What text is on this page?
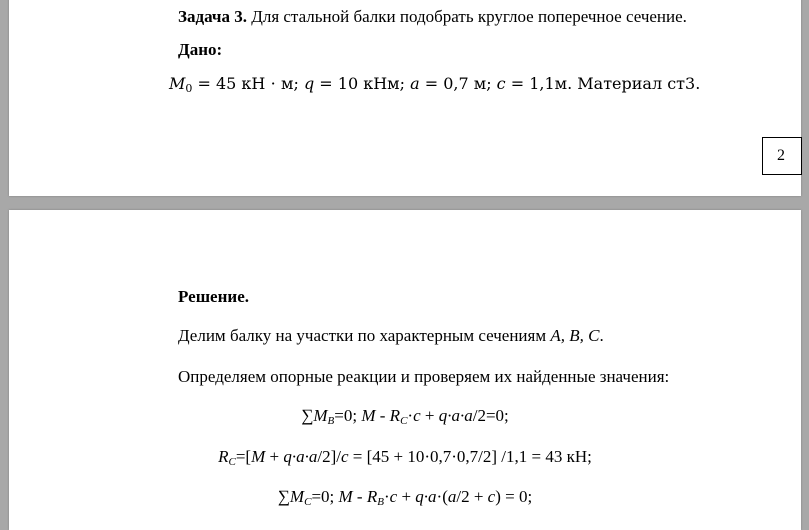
Задача 3. Для стальной балки подобрать круглое поперечное сечение.
Дано:
$M_0 = 45$ кН ⋅ м; q = 10 кНм; a = 0,7 м; c = 1,1м. Материал ст3.
2
Решение.
Делим балку на участки по характерным сечениям A, B, C.
Определяем опорные реакции и проверяем их найденные значения:
$\sum M_B=0$; $M - R_C\cdot c + q\cdot a\cdot a/2=0$;
$R_C=[M + q\cdot a\cdot a/2]/c = [45 + 10\cdot 0,7\cdot 0,7/2] /1,1 = 43$ кН;
$\sum M_C=0$; $M - R_B\cdot c + q\cdot a\cdot(a/2 + c) = 0$;
